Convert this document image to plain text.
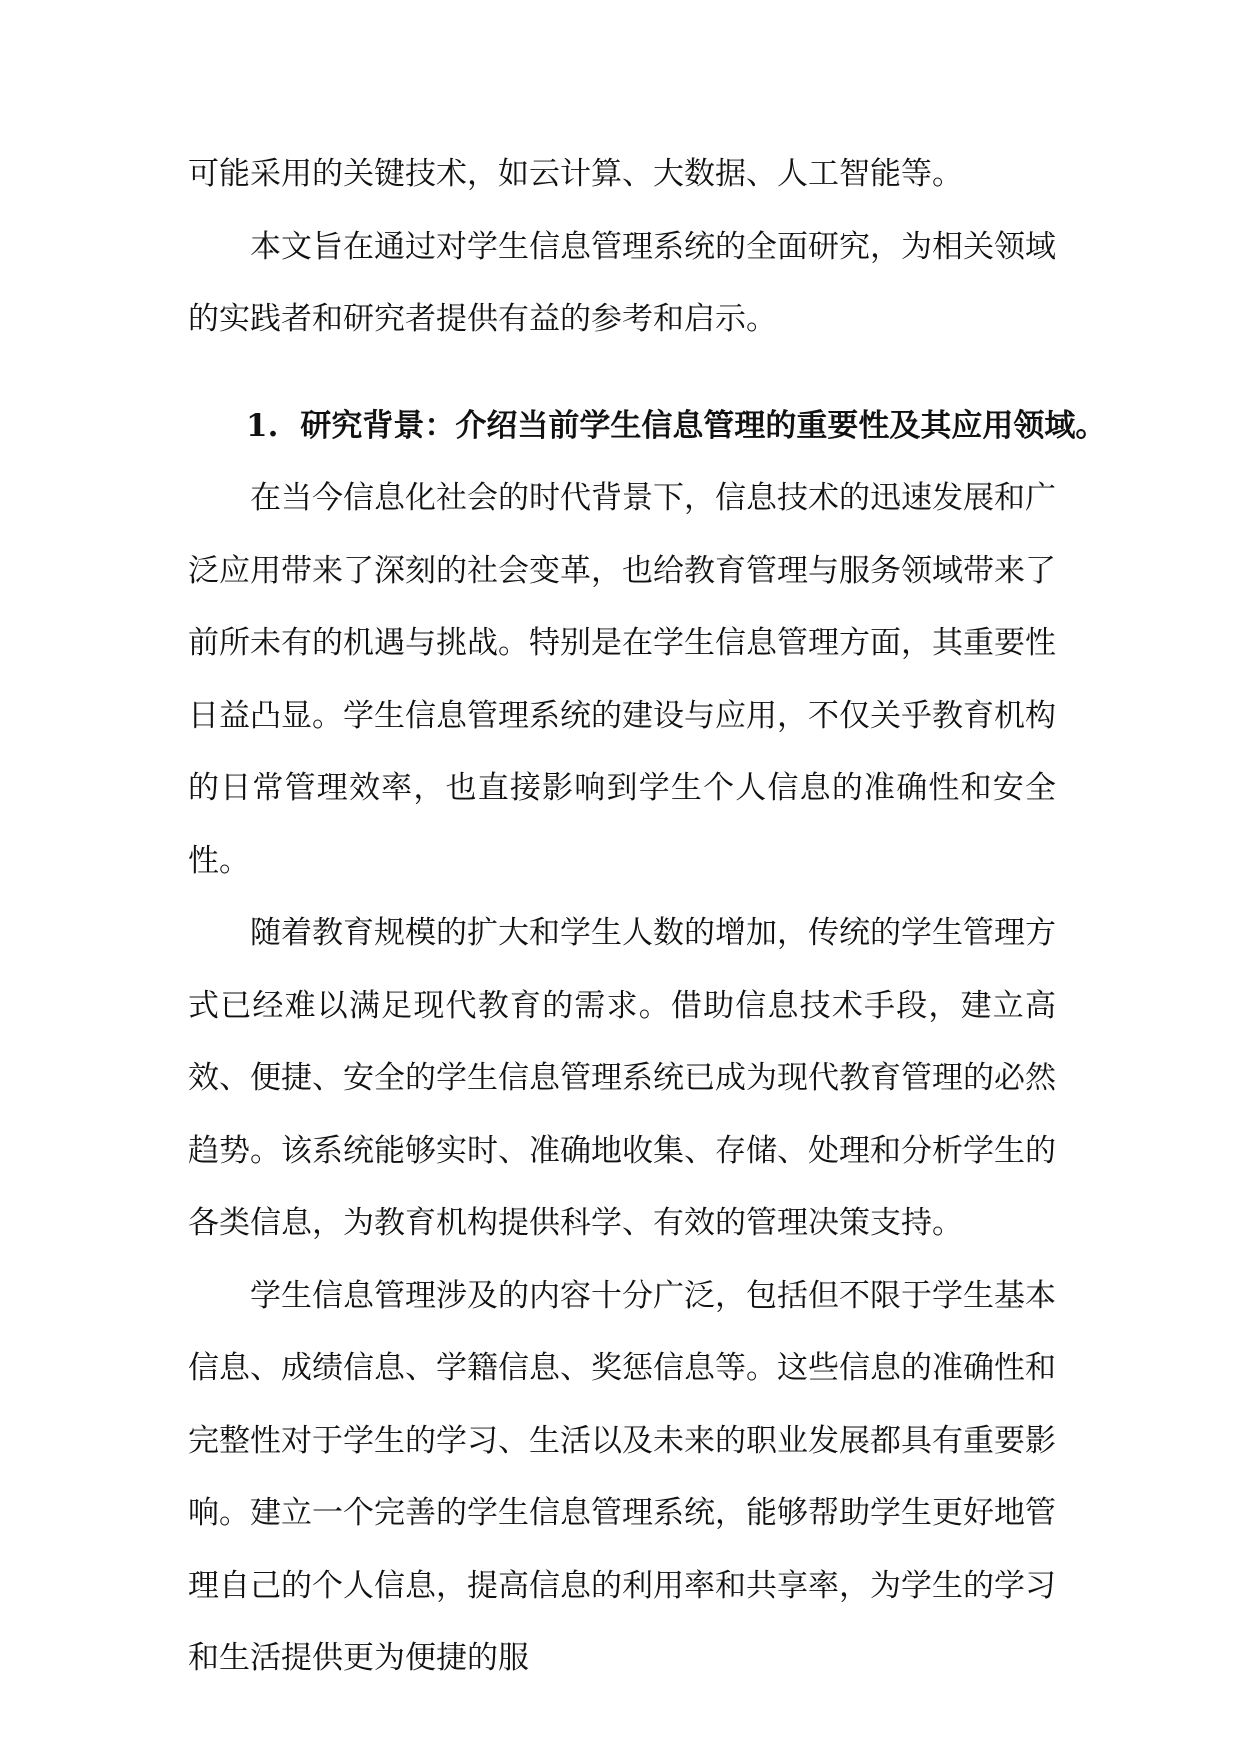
可能采用的关键技术，如云计算、大数据、人工智能等。

本文旨在通过对学生信息管理系统的全面研究，为相关领域的实践者和研究者提供有益的参考和启示。

1. 研究背景：介绍当前学生信息管理的重要性及其应用领域。

在当今信息化社会的时代背景下，信息技术的迅速发展和广泛应用带来了深刻的社会变革，也给教育管理与服务领域带来了前所未有的机遇与挑战。特别是在学生信息管理方面，其重要性日益凸显。学生信息管理系统的建设与应用，不仅关乎教育机构的日常管理效率，也直接影响到学生个人信息的准确性和安全性。

随着教育规模的扩大和学生人数的增加，传统的学生管理方式已经难以满足现代教育的需求。借助信息技术手段，建立高效、便捷、安全的学生信息管理系统已成为现代教育管理的必然趋势。该系统能够实时、准确地收集、存储、处理和分析学生的各类信息，为教育机构提供科学、有效的管理决策支持。

学生信息管理涉及的内容十分广泛，包括但不限于学生基本信息、成绩信息、学籍信息、奖惩信息等。这些信息的准确性和完整性对于学生的学习、生活以及未来的职业发展都具有重要影响。建立一个完善的学生信息管理系统，能够帮助学生更好地管理自己的个人信息，提高信息的利用率和共享率，为学生的学习和生活提供更为便捷的服
